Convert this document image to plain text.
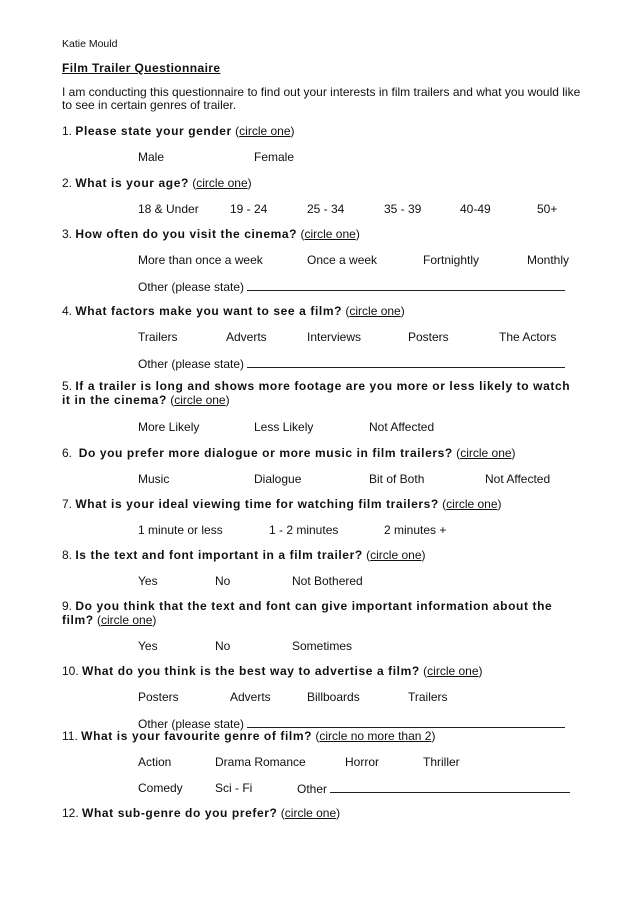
Katie Mould
Film Trailer Questionnaire
I am conducting this questionnaire to find out your interests in film trailers and what you would like to see in certain genres of trailer.
1. Please state your gender (circle one)
Male	Female
2. What is your age? (circle one)
18 & Under	19 - 24	25 - 34	35 - 39	40-49	50+
3. How often do you visit the cinema? (circle one)
More than once a week	Once a week	Fortnightly	Monthly
Other (please state)
4. What factors make you want to see a film? (circle one)
Trailers	Adverts	Interviews	Posters	The Actors
Other (please state)
5. If a trailer is long and shows more footage are you more or less likely to watch it in the cinema? (circle one)
More Likely	Less Likely	Not Affected
6. Do you prefer more dialogue or more music in film trailers? (circle one)
Music	Dialogue	Bit of Both	Not Affected
7. What is your ideal viewing time for watching film trailers? (circle one)
1 minute or less	1 - 2 minutes	2 minutes +
8. Is the text and font important in a film trailer? (circle one)
Yes	No	Not Bothered
9. Do you think that the text and font can give important information about the film? (circle one)
Yes	No	Sometimes
10. What do you think is the best way to advertise a film? (circle one)
Posters	Adverts	Billboards	Trailers
Other (please state)
11. What is your favourite genre of film? (circle no more than 2)
Action	Drama Romance	Horror	Thriller
Comedy	Sci - Fi	Other
12. What sub-genre do you prefer? (circle one)
